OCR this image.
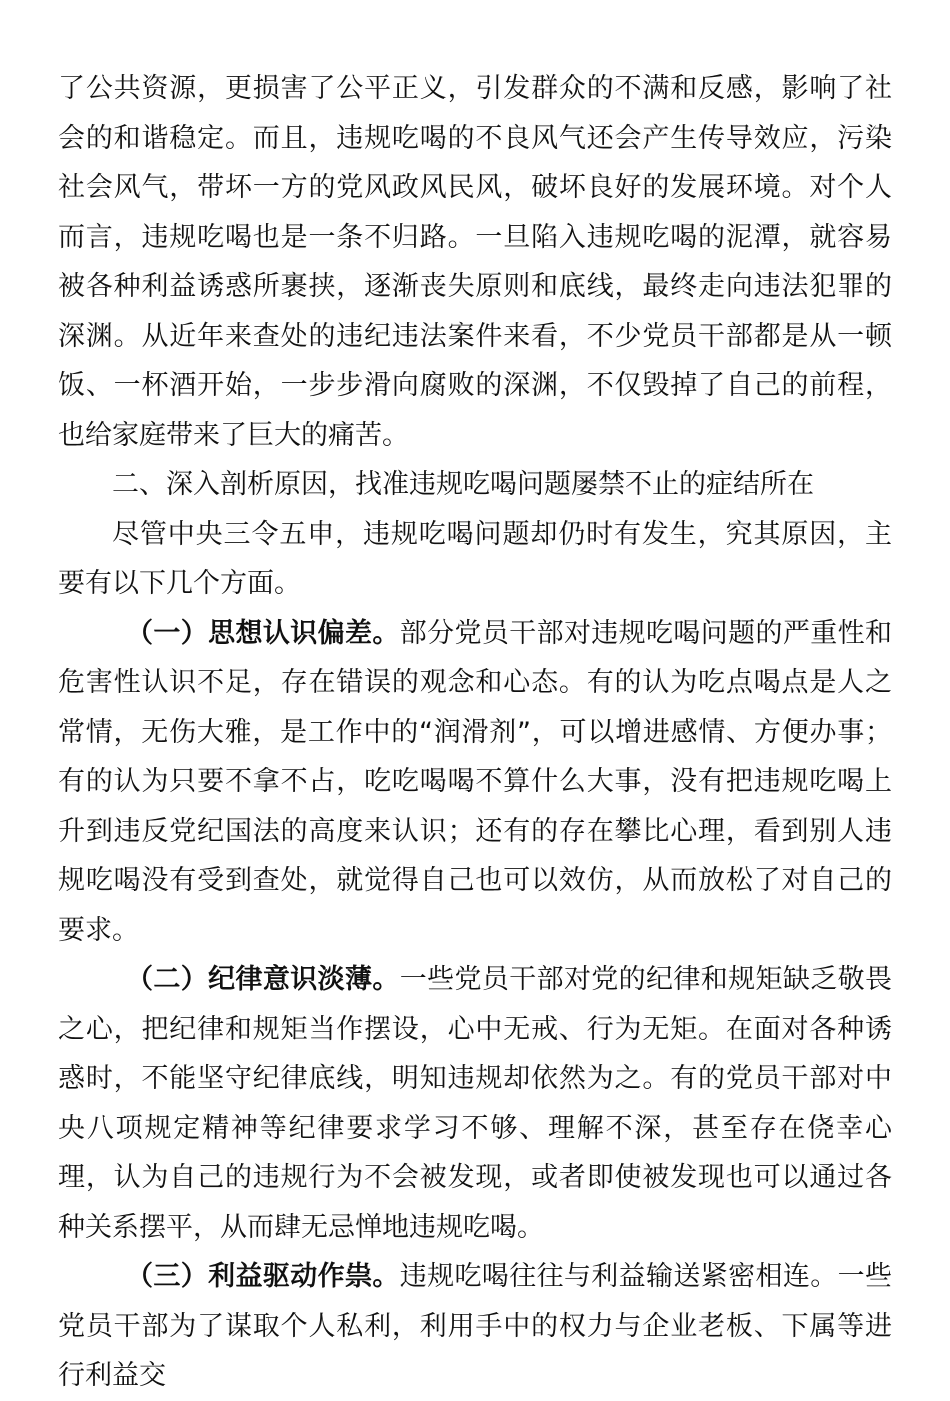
了公共资源，更损害了公平正义，引发群众的不满和反感，影响了社会的和谐稳定。而且，违规吃喝的不良风气还会产生传导效应，污染社会风气，带坏一方的党风政风民风，破坏良好的发展环境。对个人而言，违规吃喝也是一条不归路。一旦陷入违规吃喝的泥潭，就容易被各种利益诱惑所裹挟，逐渐丧失原则和底线，最终走向违法犯罪的深渊。从近年来查处的违纪违法案件来看，不少党员干部都是从一顿饭、一杯酒开始，一步步滑向腐败的深渊，不仅毁掉了自己的前程，也给家庭带来了巨大的痛苦。

二、深入剖析原因，找准违规吃喝问题屡禁不止的症结所在

尽管中央三令五申，违规吃喝问题却仍时有发生，究其原因，主要有以下几个方面。

（一）思想认识偏差。部分党员干部对违规吃喝问题的严重性和危害性认识不足，存在错误的观念和心态。有的认为吃点喝点是人之常情，无伤大雅，是工作中的“润滑剂”，可以增进感情、方便办事；有的认为只要不拿不占，吃吃喝喝不算什么大事，没有把违规吃喝上升到违反党纪国法的高度来认识；还有的存在攀比心理，看到别人违规吃喝没有受到查处，就觉得自己也可以效仿，从而放松了对自己的要求。

（二）纪律意识淡薄。一些党员干部对党的纪律和规矩缺乏敬畏之心，把纪律和规矩当作摆设，心中无戒、行为无矩。在面对各种诱惑时，不能坚守纪律底线，明知违规却依然为之。有的党员干部对中央八项规定精神等纪律要求学习不够、理解不深，甚至存在侥幸心理，认为自己的违规行为不会被发现，或者即使被发现也可以通过各种关系摆平，从而肆无忌惮地违规吃喝。

（三）利益驱动作祟。违规吃喝往往与利益输送紧密相连。一些党员干部为了谋取个人私利，利用手中的权力与企业老板、下属等进行利益交
